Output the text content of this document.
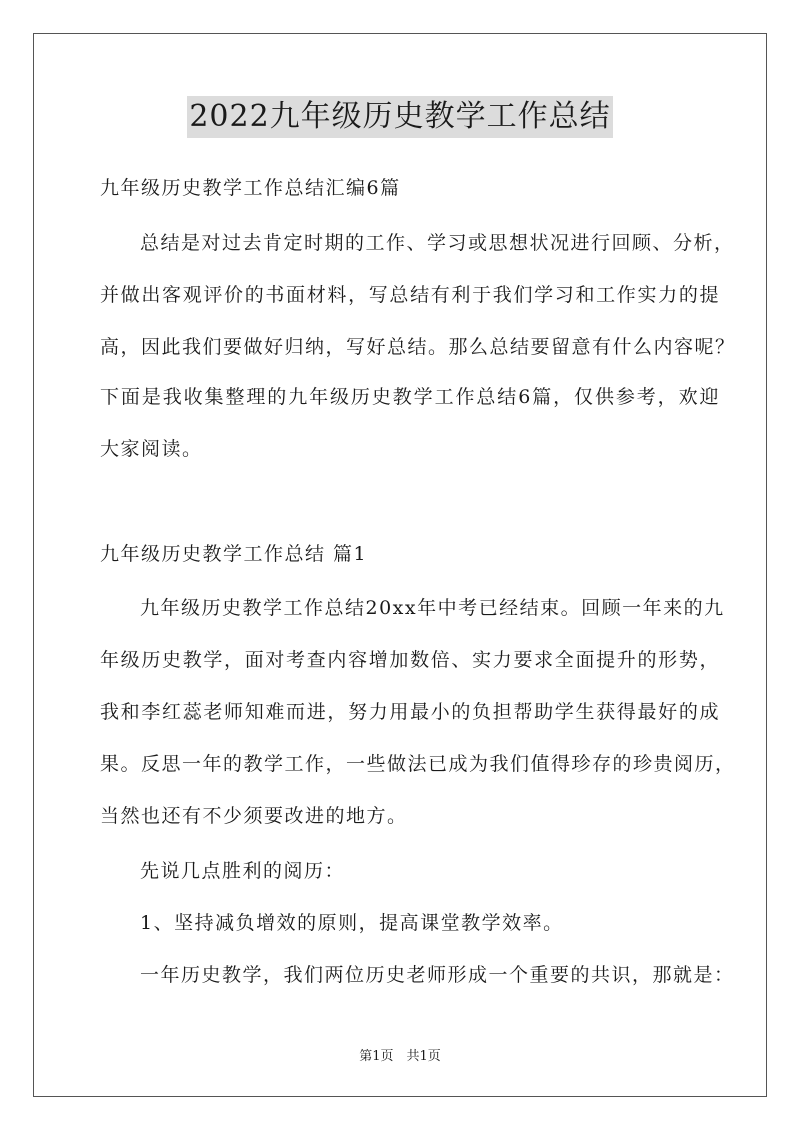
2022九年级历史教学工作总结
九年级历史教学工作总结汇编6篇
总结是对过去肯定时期的工作、学习或思想状况进行回顾、分析，
并做出客观评价的书面材料，写总结有利于我们学习和工作实力的提
高，因此我们要做好归纳，写好总结。那么总结要留意有什么内容呢？
下面是我收集整理的九年级历史教学工作总结6篇，仅供参考，欢迎
大家阅读。
九年级历史教学工作总结 篇1
九年级历史教学工作总结20xx年中考已经结束。回顾一年来的九
年级历史教学，面对考查内容增加数倍、实力要求全面提升的形势，
我和李红蕊老师知难而进，努力用最小的负担帮助学生获得最好的成
果。反思一年的教学工作，一些做法已成为我们值得珍存的珍贵阅历，
当然也还有不少须要改进的地方。
先说几点胜利的阅历：
1、坚持减负增效的原则，提高课堂教学效率。
一年历史教学，我们两位历史老师形成一个重要的共识，那就是：
第1页　共1页
